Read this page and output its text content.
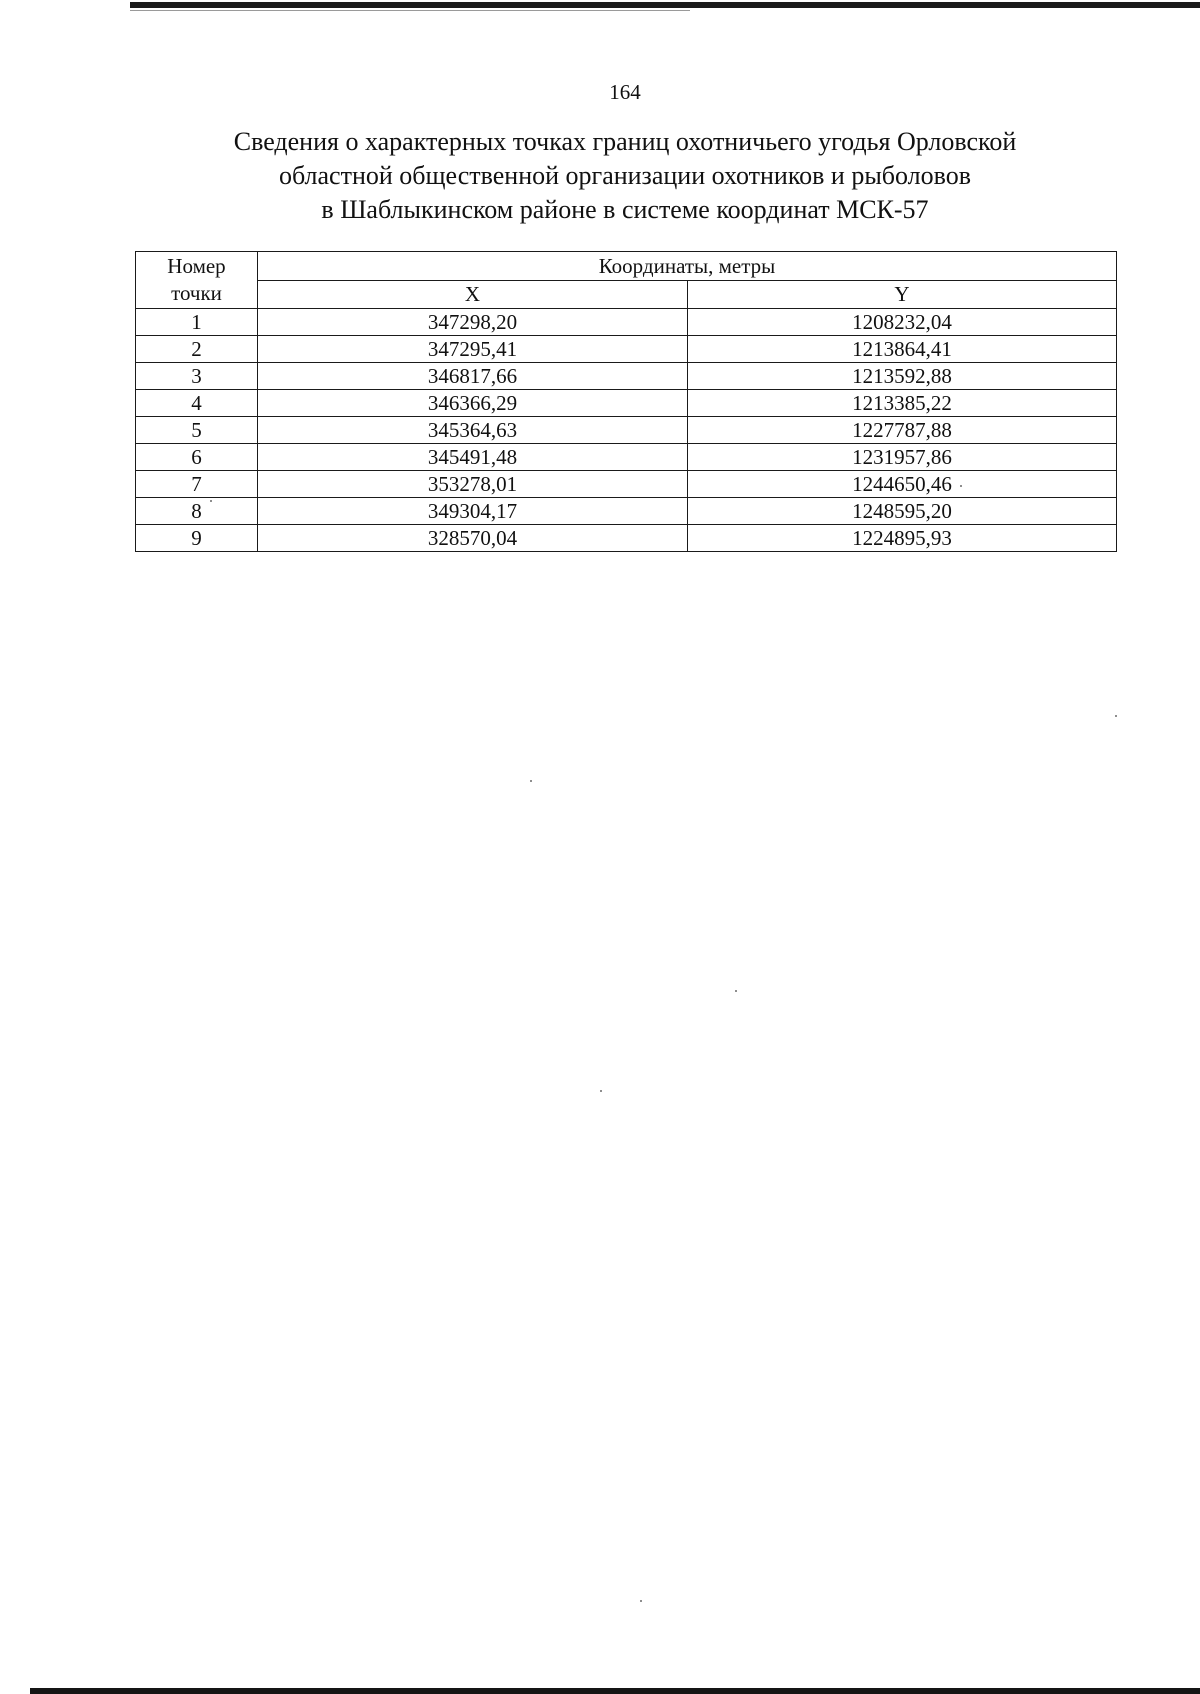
164
Сведения о характерных точках границ охотничьего угодья Орловской
областной общественной организации охотников и рыболовов
в Шаблыкинском районе в системе координат МСК-57
Номер
точки	Координаты, метры	
	X	Y
1	347298,20	1208232,04
2	347295,41	1213864,41
3	346817,66	1213592,88
4	346366,29	1213385,22
5	345364,63	1227787,88
6	345491,48	1231957,86
7	353278,01	1244650,46
8	349304,17	1248595,20
9	328570,04	1224895,93
